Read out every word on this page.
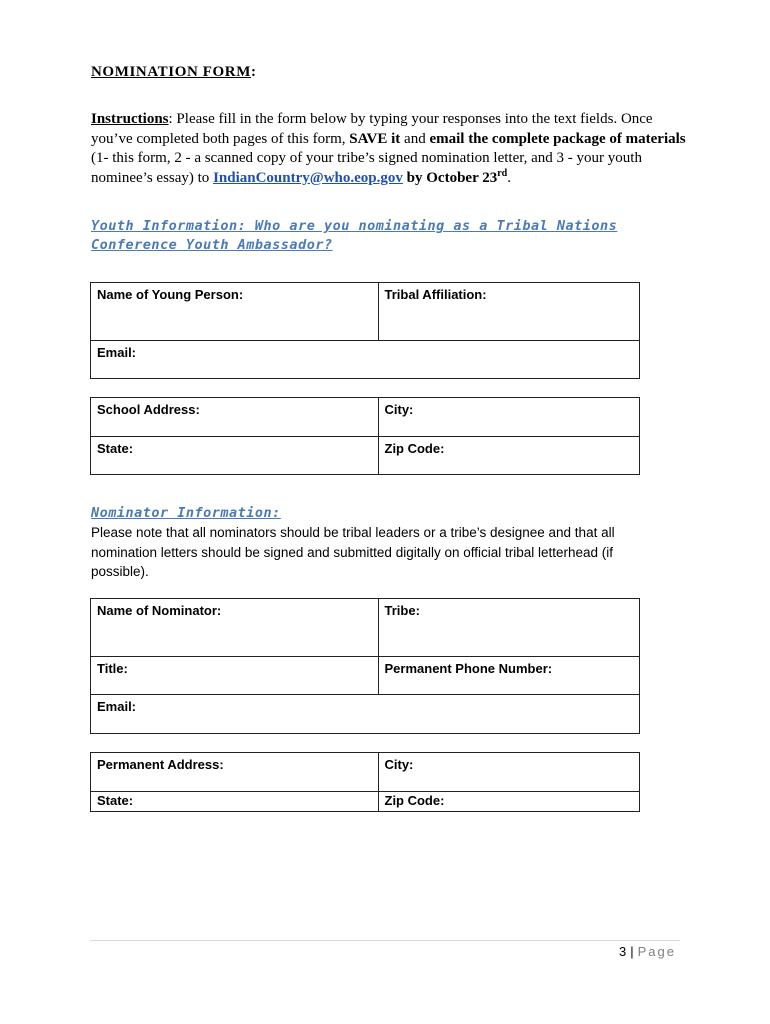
NOMINATION FORM:
Instructions: Please fill in the form below by typing your responses into the text fields. Once you’ve completed both pages of this form, SAVE it and email the complete package of materials (1- this form, 2 - a scanned copy of your tribe’s signed nomination letter, and 3 - your youth nominee’s essay) to IndianCountry@who.eop.gov by October 23rd.
Youth Information: Who are you nominating as a Tribal Nations Conference Youth Ambassador?
Name of Young Person:	Tribal Affiliation:
Email:
School Address:	City:
State:	Zip Code:
Nominator Information:
Please note that all nominators should be tribal leaders or a tribe’s designee and that all nomination letters should be signed and submitted digitally on official tribal letterhead (if possible).
Name of Nominator:	Tribe:
Title:	Permanent Phone Number:
Email:	
Permanent Address:	City:
State:	Zip Code:
3 | Page
